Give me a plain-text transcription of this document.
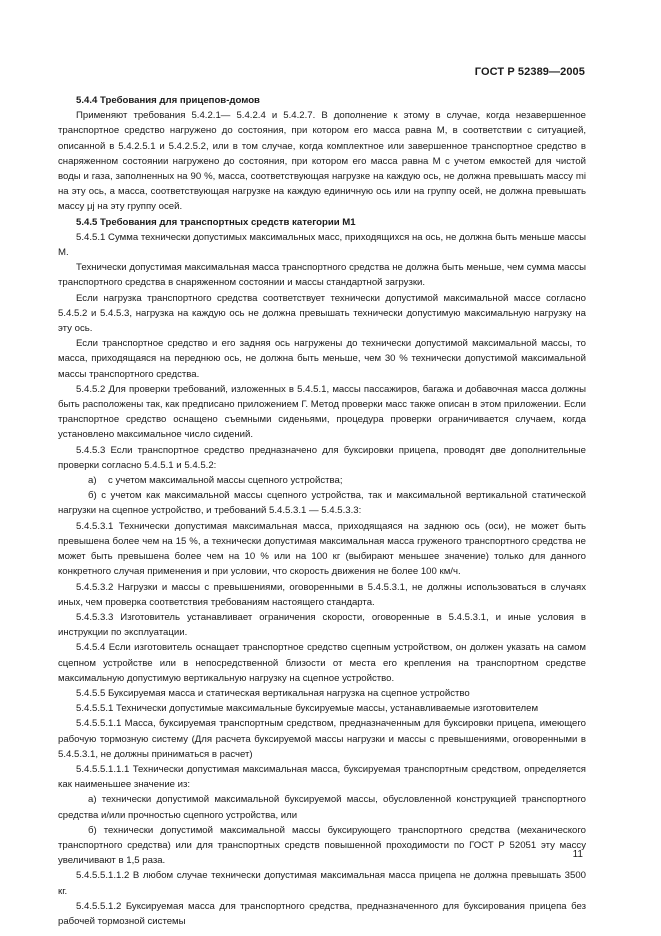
ГОСТ Р 52389—2005

5.4.4 Требования для прицепов-домов

Применяют требования 5.4.2.1— 5.4.2.4 и 5.4.2.7. В дополнение к этому в случае, когда незавершенное транспортное средство нагружено до состояния, при котором его масса равна M, в соответствии с ситуацией, описанной в 5.4.2.5.1 и 5.4.2.5.2, или в том случае, когда комплектное или завершенное транспортное средство в снаряженном состоянии нагружено до состояния, при котором его масса равна M с учетом емкостей для чистой воды и газа, заполненных на 90 %, масса, соответствующая нагрузке на каждую ось, не должна превышать массу mi на эту ось, а масса, соответствующая нагрузке на каждую единичную ось или на группу осей, не должна превышать массу μj на эту группу осей.

5.4.5 Требования для транспортных средств категории M1

5.4.5.1 Сумма технически допустимых максимальных масс, приходящихся на ось, не должна быть меньше массы M.

Технически допустимая максимальная масса транспортного средства не должна быть меньше, чем сумма массы транспортного средства в снаряженном состоянии и массы стандартной загрузки.

Если нагрузка транспортного средства соответствует технически допустимой максимальной массе согласно 5.4.5.2 и 5.4.5.3, нагрузка на каждую ось не должна превышать технически допустимую максимальную нагрузку на эту ось.

Если транспортное средство и его задняя ось нагружены до технически допустимой максимальной массы, то масса, приходящаяся на переднюю ось, не должна быть меньше, чем 30 % технически допустимой максимальной массы транспортного средства.

5.4.5.2 Для проверки требований, изложенных в 5.4.5.1, массы пассажиров, багажа и добавочная масса должны быть расположены так, как предписано приложением Г. Метод проверки масс также описан в этом приложении. Если транспортное средство оснащено съемными сиденьями, процедура проверки ограничивается случаем, когда установлено максимальное число сидений.

5.4.5.3 Если транспортное средство предназначено для буксировки прицепа, проводят две дополнительные проверки согласно 5.4.5.1 и 5.4.5.2:

а)	с учетом максимальной массы сцепного устройства;

б) с учетом как максимальной массы сцепного устройства, так и максимальной вертикальной статической нагрузки на сцепное устройство, и требований 5.4.5.3.1 — 5.4.5.3.3:

5.4.5.3.1 Технически допустимая максимальная масса, приходящаяся на заднюю ось (оси), не может быть превышена более чем на 15 %, а технически допустимая максимальная масса груженого транспортного средства не может быть превышена более чем на 10 % или на 100 кг (выбирают меньшее значение) только для данного конкретного случая применения и при условии, что скорость движения не более 100 км/ч.

5.4.5.3.2 Нагрузки и массы с превышениями, оговоренными в 5.4.5.3.1, не должны использоваться в случаях иных, чем проверка соответствия требованиям настоящего стандарта.

5.4.5.3.3 Изготовитель устанавливает ограничения скорости, оговоренные в 5.4.5.3.1, и иные условия в инструкции по эксплуатации.

5.4.5.4 Если изготовитель оснащает транспортное средство сцепным устройством, он должен указать на самом сцепном устройстве или в непосредственной близости от места его крепления на транспортном средстве максимальную допустимую вертикальную нагрузку на сцепное устройство.

5.4.5.5 Буксируемая масса и статическая вертикальная нагрузка на сцепное устройство

5.4.5.5.1 Технически допустимые максимальные буксируемые массы, устанавливаемые изготовителем

5.4.5.5.1.1 Масса, буксируемая транспортным средством, предназначенным для буксировки прицепа, имеющего рабочую тормозную систему (Для расчета буксируемой массы нагрузки и массы с превышениями, оговоренными в 5.4.5.3.1, не должны приниматься в расчет)

5.4.5.5.1.1.1 Технически допустимая максимальная масса, буксируемая транспортным средством, определяется как наименьшее значение из:

а) технически допустимой максимальной буксируемой массы, обусловленной конструкцией транспортного средства и/или прочностью сцепного устройства, или

б) технически допустимой максимальной массы буксирующего транспортного средства (механического транспортного средства) или для транспортных средств повышенной проходимости по ГОСТ Р 52051 эту массу увеличивают в 1,5 раза.

5.4.5.5.1.1.2 В любом случае технически допустимая максимальная масса прицепа не должна превышать 3500 кг.

5.4.5.5.1.2 Буксируемая масса для транспортного средства, предназначенного для буксирования прицепа без рабочей тормозной системы

11
